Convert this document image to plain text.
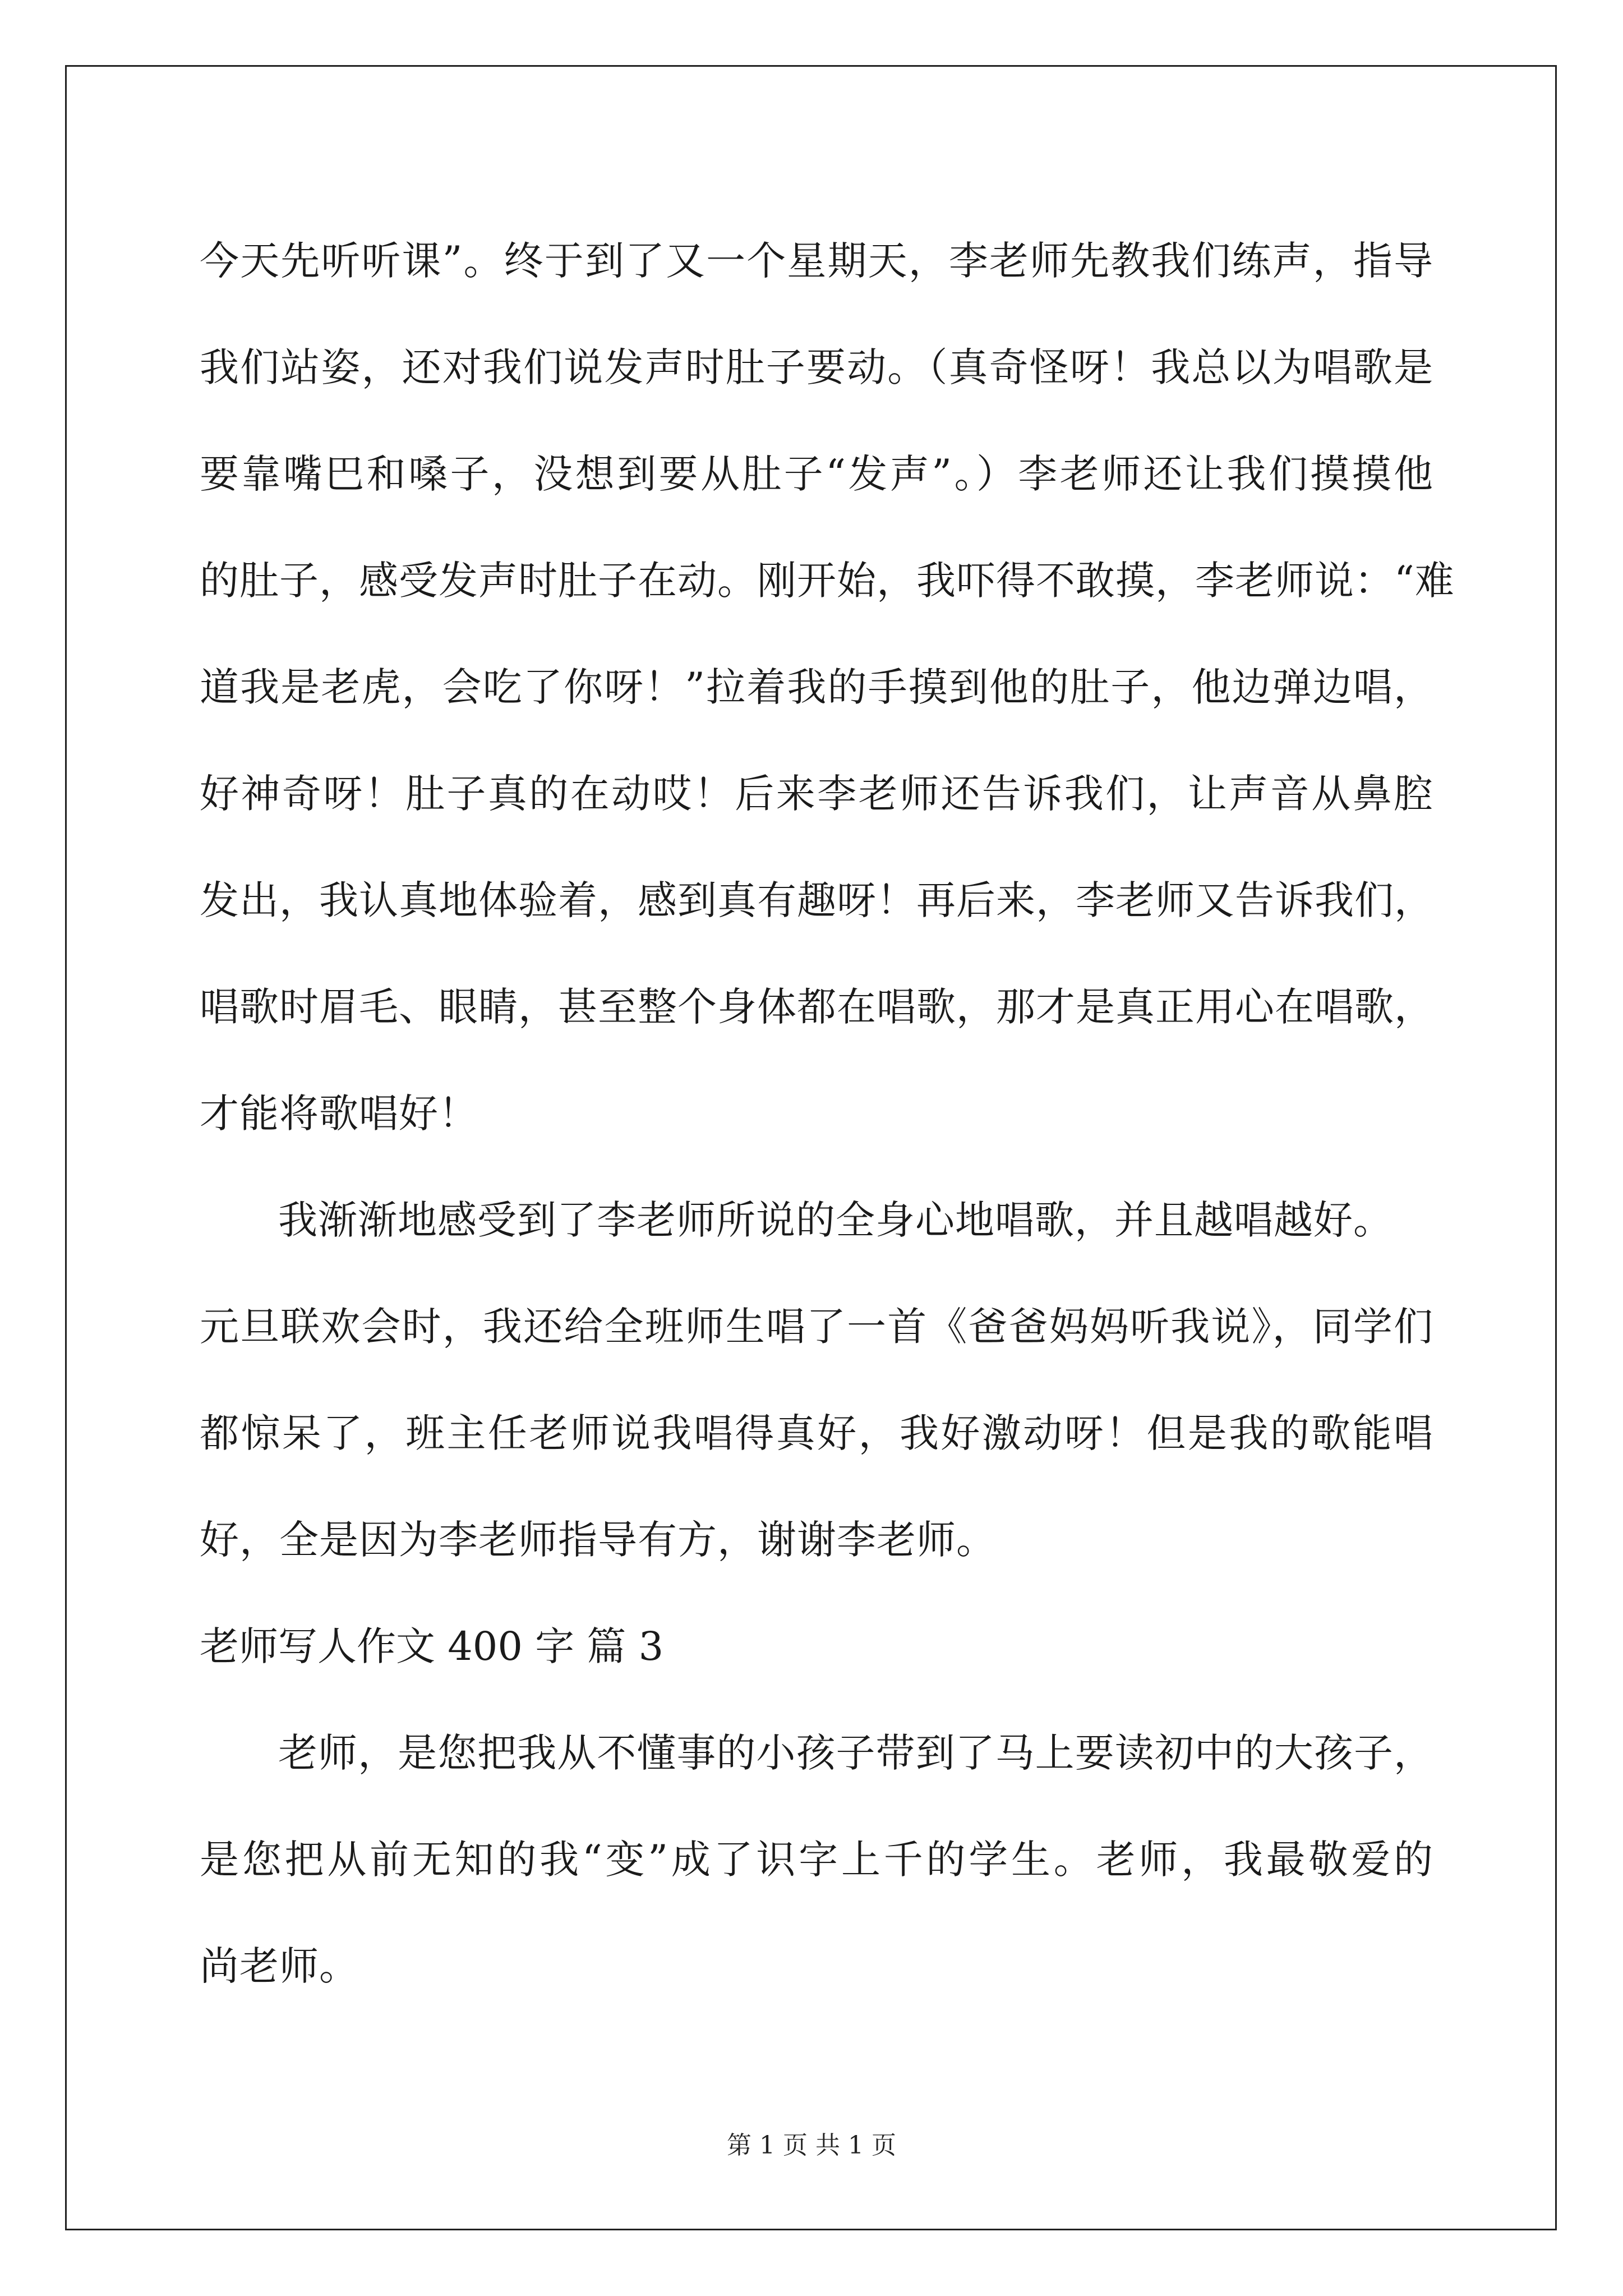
今天先听听课”。终于到了又一个星期天，李老师先教我们练声，指导
我们站姿，还对我们说发声时肚子要动。（真奇怪呀！我总以为唱歌是
要靠嘴巴和嗓子，没想到要从肚子“发声”。）李老师还让我们摸摸他
的肚子，感受发声时肚子在动。刚开始，我吓得不敢摸，李老师说：“难
道我是老虎，会吃了你呀！”拉着我的手摸到他的肚子，他边弹边唱，
好神奇呀！肚子真的在动哎！后来李老师还告诉我们，让声音从鼻腔
发出，我认真地体验着，感到真有趣呀！再后来，李老师又告诉我们，
唱歌时眉毛、眼睛，甚至整个身体都在唱歌，那才是真正用心在唱歌，
才能将歌唱好！
我渐渐地感受到了李老师所说的全身心地唱歌，并且越唱越好。
元旦联欢会时，我还给全班师生唱了一首《爸爸妈妈听我说》，同学们
都惊呆了，班主任老师说我唱得真好，我好激动呀！但是我的歌能唱
好，全是因为李老师指导有方，谢谢李老师。
老师写人作文 400 字 篇 3
老师，是您把我从不懂事的小孩子带到了马上要读初中的大孩子，
是您把从前无知的我“变”成了识字上千的学生。老师，我最敬爱的
尚老师。
第 1 页 共 1 页
